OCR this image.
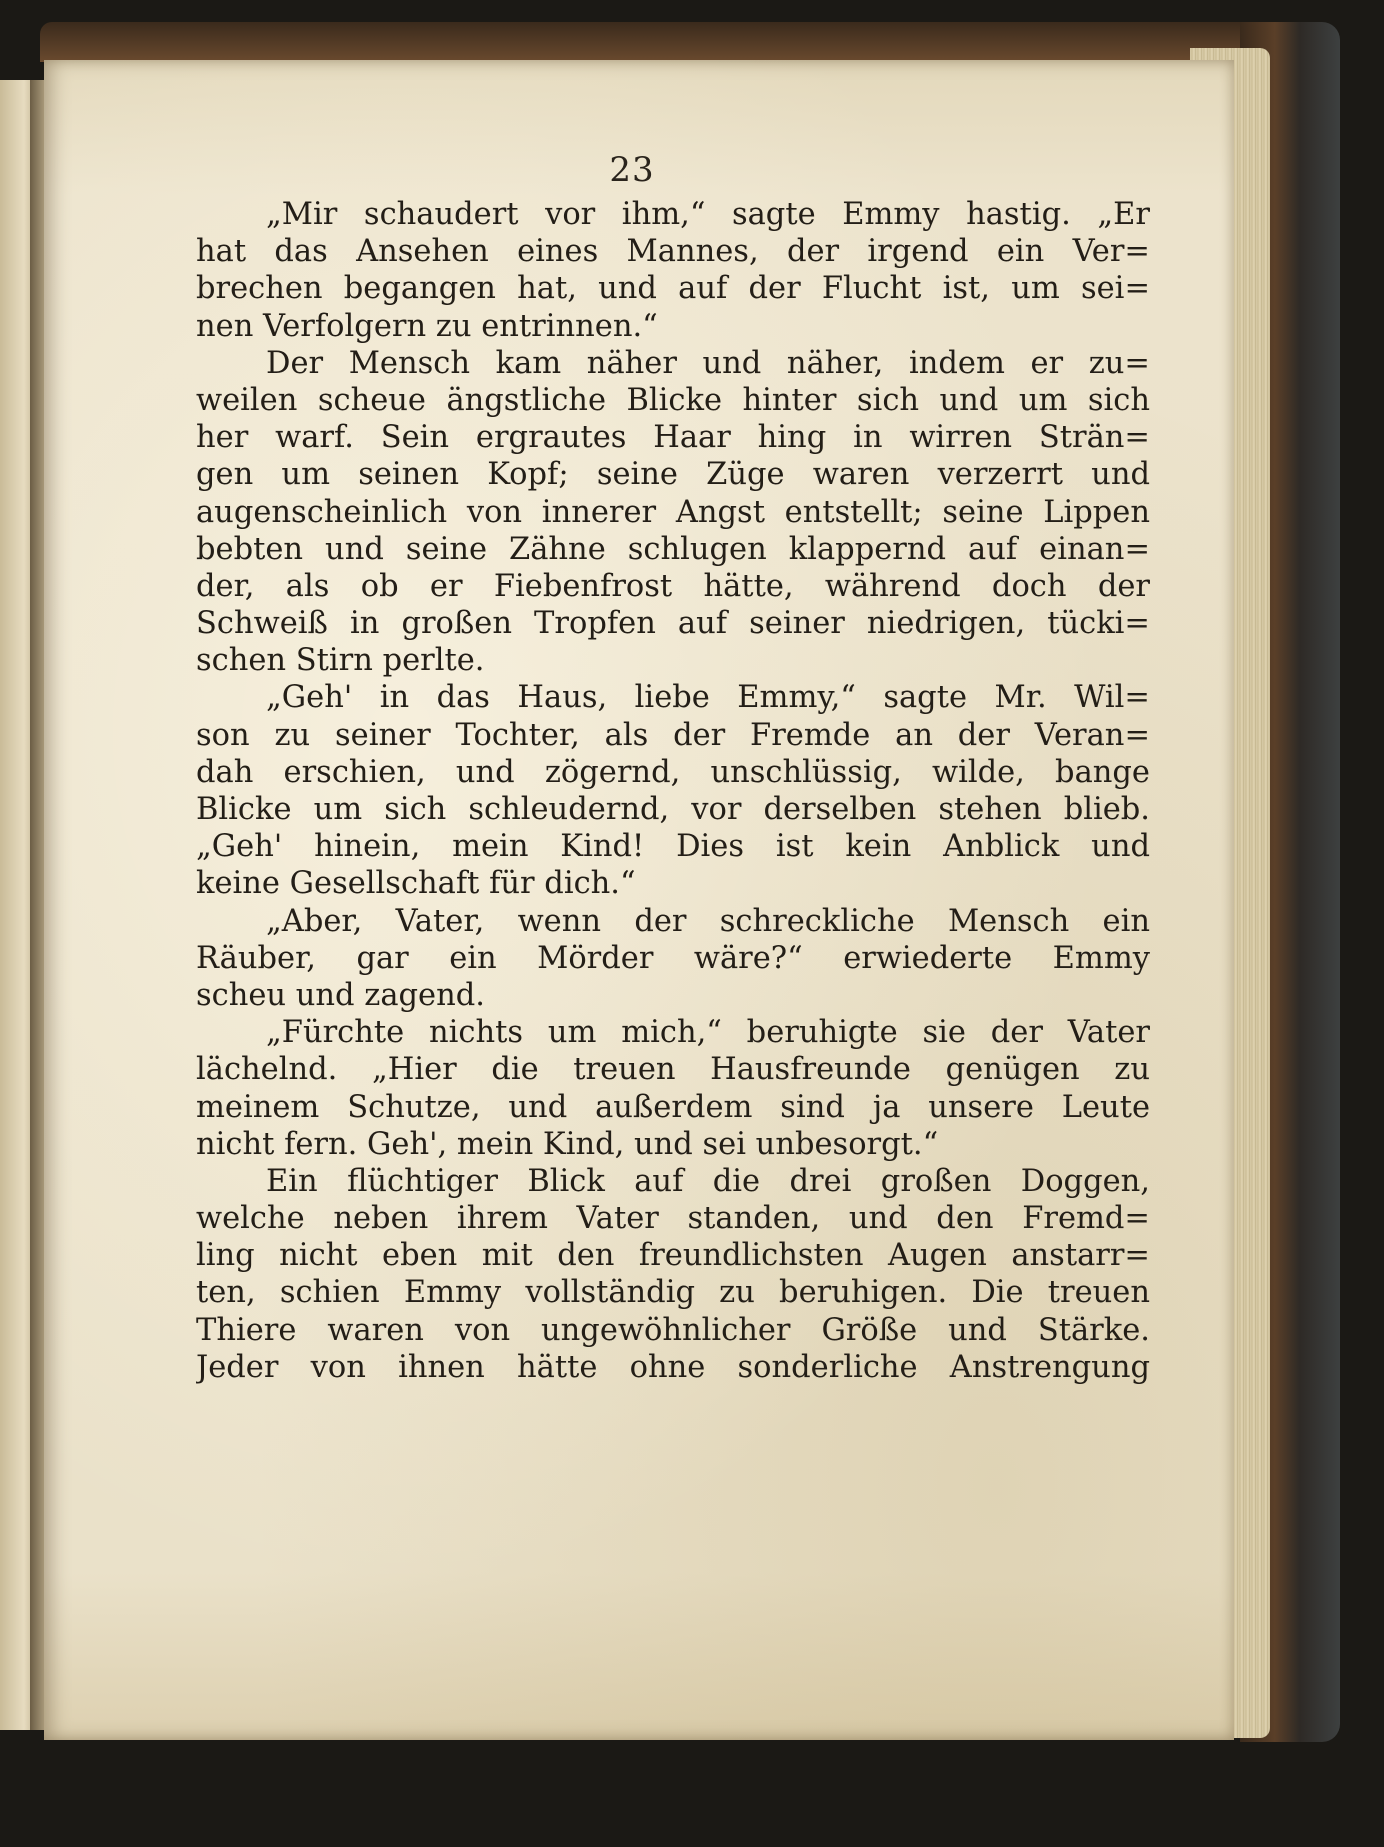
23
„Mir schaudert vor ihm,“ sagte Emmy hastig. „Er
hat das Ansehen eines Mannes, der irgend ein Ver=
brechen begangen hat, und auf der Flucht ist, um sei=
nen Verfolgern zu entrinnen.“
Der Mensch kam näher und näher, indem er zu=
weilen scheue ängstliche Blicke hinter sich und um sich
her warf. Sein ergrautes Haar hing in wirren Strän=
gen um seinen Kopf; seine Züge waren verzerrt und
augenscheinlich von innerer Angst entstellt; seine Lippen
bebten und seine Zähne schlugen klappernd auf einan=
der, als ob er Fiebenfrost hätte, während doch der
Schweiß in großen Tropfen auf seiner niedrigen, tücki=
schen Stirn perlte.
„Geh' in das Haus, liebe Emmy,“ sagte Mr. Wil=
son zu seiner Tochter, als der Fremde an der Veran=
dah erschien, und zögernd, unschlüssig, wilde, bange
Blicke um sich schleudernd, vor derselben stehen blieb.
„Geh' hinein, mein Kind! Dies ist kein Anblick und
keine Gesellschaft für dich.“
„Aber, Vater, wenn der schreckliche Mensch ein
Räuber, gar ein Mörder wäre?“ erwiederte Emmy
scheu und zagend.
„Fürchte nichts um mich,“ beruhigte sie der Vater
lächelnd. „Hier die treuen Hausfreunde genügen zu
meinem Schutze, und außerdem sind ja unsere Leute
nicht fern. Geh', mein Kind, und sei unbesorgt.“
Ein flüchtiger Blick auf die drei großen Doggen,
welche neben ihrem Vater standen, und den Fremd=
ling nicht eben mit den freundlichsten Augen anstarr=
ten, schien Emmy vollständig zu beruhigen. Die treuen
Thiere waren von ungewöhnlicher Größe und Stärke.
Jeder von ihnen hätte ohne sonderliche Anstrengung
